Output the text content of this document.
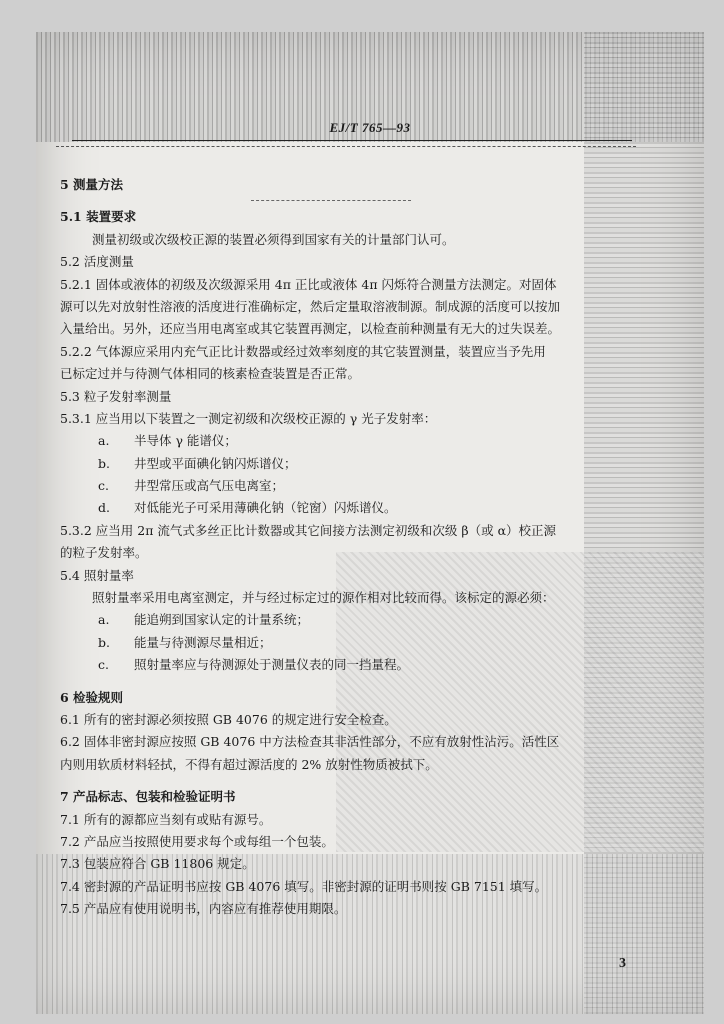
EJ/T 765—93
5 测量方法
5.1 装置要求
测量初级或次级校正源的装置必须得到国家有关的计量部门认可。
5.2 活度测量
5.2.1 固体或液体的初级及次级源采用 4π 正比或液体 4π 闪烁符合测量方法测定。对固体
源可以先对放射性溶液的活度进行准确标定，然后定量取溶液制源。制成源的活度可以按加
入量给出。另外，还应当用电离室或其它装置再测定，以检查前种测量有无大的过失误差。
5.2.2 气体源应采用内充气正比计数器或经过效率刻度的其它装置测量，装置应当予先用
已标定过并与待测气体相同的核素检查装置是否正常。
5.3 粒子发射率测量
5.3.1 应当用以下装置之一测定初级和次级校正源的 γ 光子发射率：
a. 半导体 γ 能谱仪；
b. 井型或平面碘化钠闪烁谱仪；
c. 井型常压或高气压电离室；
d. 对低能光子可采用薄碘化钠（铊窗）闪烁谱仪。
5.3.2 应当用 2π 流气式多丝正比计数器或其它间接方法测定初级和次级 β（或 α）校正源
的粒子发射率。
5.4 照射量率
照射量率采用电离室测定，并与经过标定过的源作相对比较而得。该标定的源必须：
a. 能追朔到国家认定的计量系统；
b. 能量与待测源尽量相近；
c. 照射量率应与待测源处于测量仪表的同一挡量程。
6 检验规则
6.1 所有的密封源必须按照 GB 4076 的规定进行安全检查。
6.2 固体非密封源应按照 GB 4076 中方法检查其非活性部分，不应有放射性沾污。活性区
内则用软质材料轻拭，不得有超过源活度的 2% 放射性物质被拭下。
7 产品标志、包装和检验证明书
7.1 所有的源都应当刻有或贴有源号。
7.2 产品应当按照使用要求每个或每组一个包装。
7.3 包装应符合 GB 11806 规定。
7.4 密封源的产品证明书应按 GB 4076 填写。非密封源的证明书则按 GB 7151 填写。
7.5 产品应有使用说明书，内容应有推荐使用期限。
3
